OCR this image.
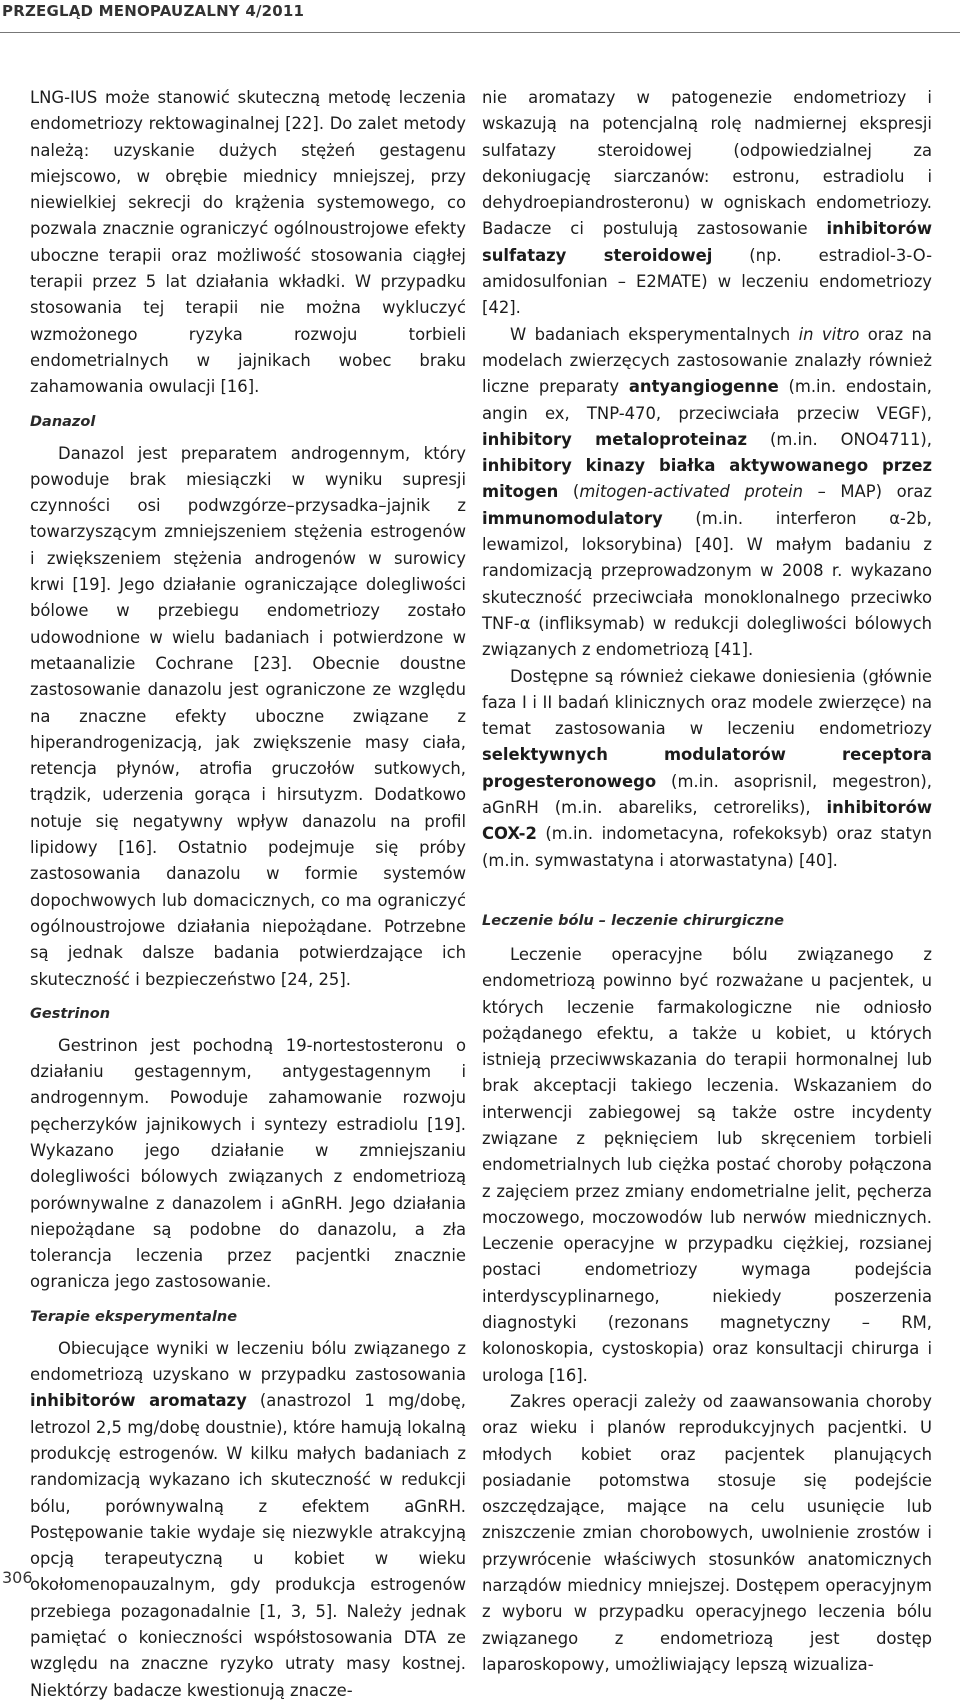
PRZEGLĄD MENOPAUZALNY 4/2011

LNG-IUS może stanowić skuteczną metodę leczenia endometriozy rektowaginalnej [22]. Do zalet metody należą: uzyskanie dużych stężeń gestagenu miejscowo, w obrębie miednicy mniejszej, przy niewielkiej sekrecji do krążenia systemowego, co pozwala znacznie ograniczyć ogólnoustrojowe efekty uboczne terapii oraz możliwość stosowania ciągłej terapii przez 5 lat działania wkładki. W przypadku stosowania tej terapii nie można wykluczyć wzmożonego ryzyka rozwoju torbieli endometrialnych w jajnikach wobec braku zahamowania owulacji [16].

Danazol

Danazol jest preparatem androgennym, który powoduje brak miesiączki w wyniku supresji czynności osi podwzgórze–przysadka–jajnik z towarzyszącym zmniejszeniem stężenia estrogenów i zwiększeniem stężenia androgenów w surowicy krwi [19]. Jego działanie ograniczające dolegliwości bólowe w przebiegu endometriozy zostało udowodnione w wielu badaniach i potwierdzone w metaanalizie Cochrane [23]. Obecnie doustne zastosowanie danazolu jest ograniczone ze względu na znaczne efekty uboczne związane z hiperandrogenizacją, jak zwiększenie masy ciała, retencja płynów, atrofia gruczołów sutkowych, trądzik, uderzenia gorąca i hirsutyzm. Dodatkowo notuje się negatywny wpływ danazolu na profil lipidowy [16]. Ostatnio podejmuje się próby zastosowania danazolu w formie systemów dopochwowych lub domacicznych, co ma ograniczyć ogólnoustrojowe działania niepożądane. Potrzebne są jednak dalsze badania potwierdzające ich skuteczność i bezpieczeństwo [24, 25].

Gestrinon

Gestrinon jest pochodną 19-nortestosteronu o działaniu gestagennym, antygestagennym i androgennym. Powoduje zahamowanie rozwoju pęcherzyków jajnikowych i syntezy estradiolu [19]. Wykazano jego działanie w zmniejszaniu dolegliwości bólowych związanych z endometriozą porównywalne z danazolem i aGnRH. Jego działania niepożądane są podobne do danazolu, a zła tolerancja leczenia przez pacjentki znacznie ogranicza jego zastosowanie.

Terapie eksperymentalne

Obiecujące wyniki w leczeniu bólu związanego z endometriozą uzyskano w przypadku zastosowania inhibitorów aromatazy (anastrozol 1 mg/dobę, letrozol 2,5 mg/dobę doustnie), które hamują lokalną produkcję estrogenów. W kilku małych badaniach z randomizacją wykazano ich skuteczność w redukcji bólu, porównywalną z efektem aGnRH. Postępowanie takie wydaje się niezwykle atrakcyjną opcją terapeutyczną u kobiet w wieku okołomenopauzalnym, gdy produkcja estrogenów przebiega pozagonadalnie [1, 3, 5]. Należy jednak pamiętać o konieczności współstosowania DTA ze względu na znaczne ryzyko utraty masy kostnej. Niektórzy badacze kwestionują znacze-

nie aromatazy w patogenezie endometriozy i wskazują na potencjalną rolę nadmiernej ekspresji sulfatazy steroidowej (odpowiedzialnej za dekoniugację siarczanów: estronu, estradiolu i dehydroepiandrosteronu) w ogniskach endometriozy. Badacze ci postulują zastosowanie inhibitorów sulfatazy steroidowej (np. estradiol-3-O-amidosulfonian – E2MATE) w leczeniu endometriozy [42].

W badaniach eksperymentalnych in vitro oraz na modelach zwierzęcych zastosowanie znalazły również liczne preparaty antyangiogenne (m.in. endostain, angin ex, TNP-470, przeciwciała przeciw VEGF), inhibitory metaloproteinaz (m.in. ONO4711), inhibitory kinazy białka aktywowanego przez mitogen (mitogen-activated protein – MAP) oraz immunomodulatory (m.in. interferon α-2b, lewamizol, loksorybina) [40]. W małym badaniu z randomizacją przeprowadzonym w 2008 r. wykazano skuteczność przeciwciała monoklonalnego przeciwko TNF-α (infliksymab) w redukcji dolegliwości bólowych związanych z endometriozą [41].

Dostępne są również ciekawe doniesienia (głównie faza I i II badań klinicznych oraz modele zwierzęce) na temat zastosowania w leczeniu endometriozy selektywnych modulatorów receptora progesteronowego (m.in. asoprisnil, megestron), aGnRH (m.in. abareliks, cetroreliks), inhibitorów COX-2 (m.in. indometacyna, rofekoksyb) oraz statyn (m.in. symwastatyna i atorwastatyna) [40].

Leczenie bólu – leczenie chirurgiczne

Leczenie operacyjne bólu związanego z endometriozą powinno być rozważane u pacjentek, u których leczenie farmakologiczne nie odniosło pożądanego efektu, a także u kobiet, u których istnieją przeciwwskazania do terapii hormonalnej lub brak akceptacji takiego leczenia. Wskazaniem do interwencji zabiegowej są także ostre incydenty związane z pęknięciem lub skręceniem torbieli endometrialnych lub ciężka postać choroby połączona z zajęciem przez zmiany endometrialne jelit, pęcherza moczowego, moczowodów lub nerwów miednicznych. Leczenie operacyjne w przypadku ciężkiej, rozsianej postaci endometriozy wymaga podejścia interdyscyplinarnego, niekiedy poszerzenia diagnostyki (rezonans magnetyczny – RM, kolonoskopia, cystoskopia) oraz konsultacji chirurga i urologa [16].

Zakres operacji zależy od zaawansowania choroby oraz wieku i planów reprodukcyjnych pacjentki. U młodych kobiet oraz pacjentek planujących posiadanie potomstwa stosuje się podejście oszczędzające, mające na celu usunięcie lub zniszczenie zmian chorobowych, uwolnienie zrostów i przywrócenie właściwych stosunków anatomicznych narządów miednicy mniejszej. Dostępem operacyjnym z wyboru w przypadku operacyjnego leczenia bólu związanego z endometriozą jest dostęp laparoskopowy, umożliwiający lepszą wizualiza-

306
